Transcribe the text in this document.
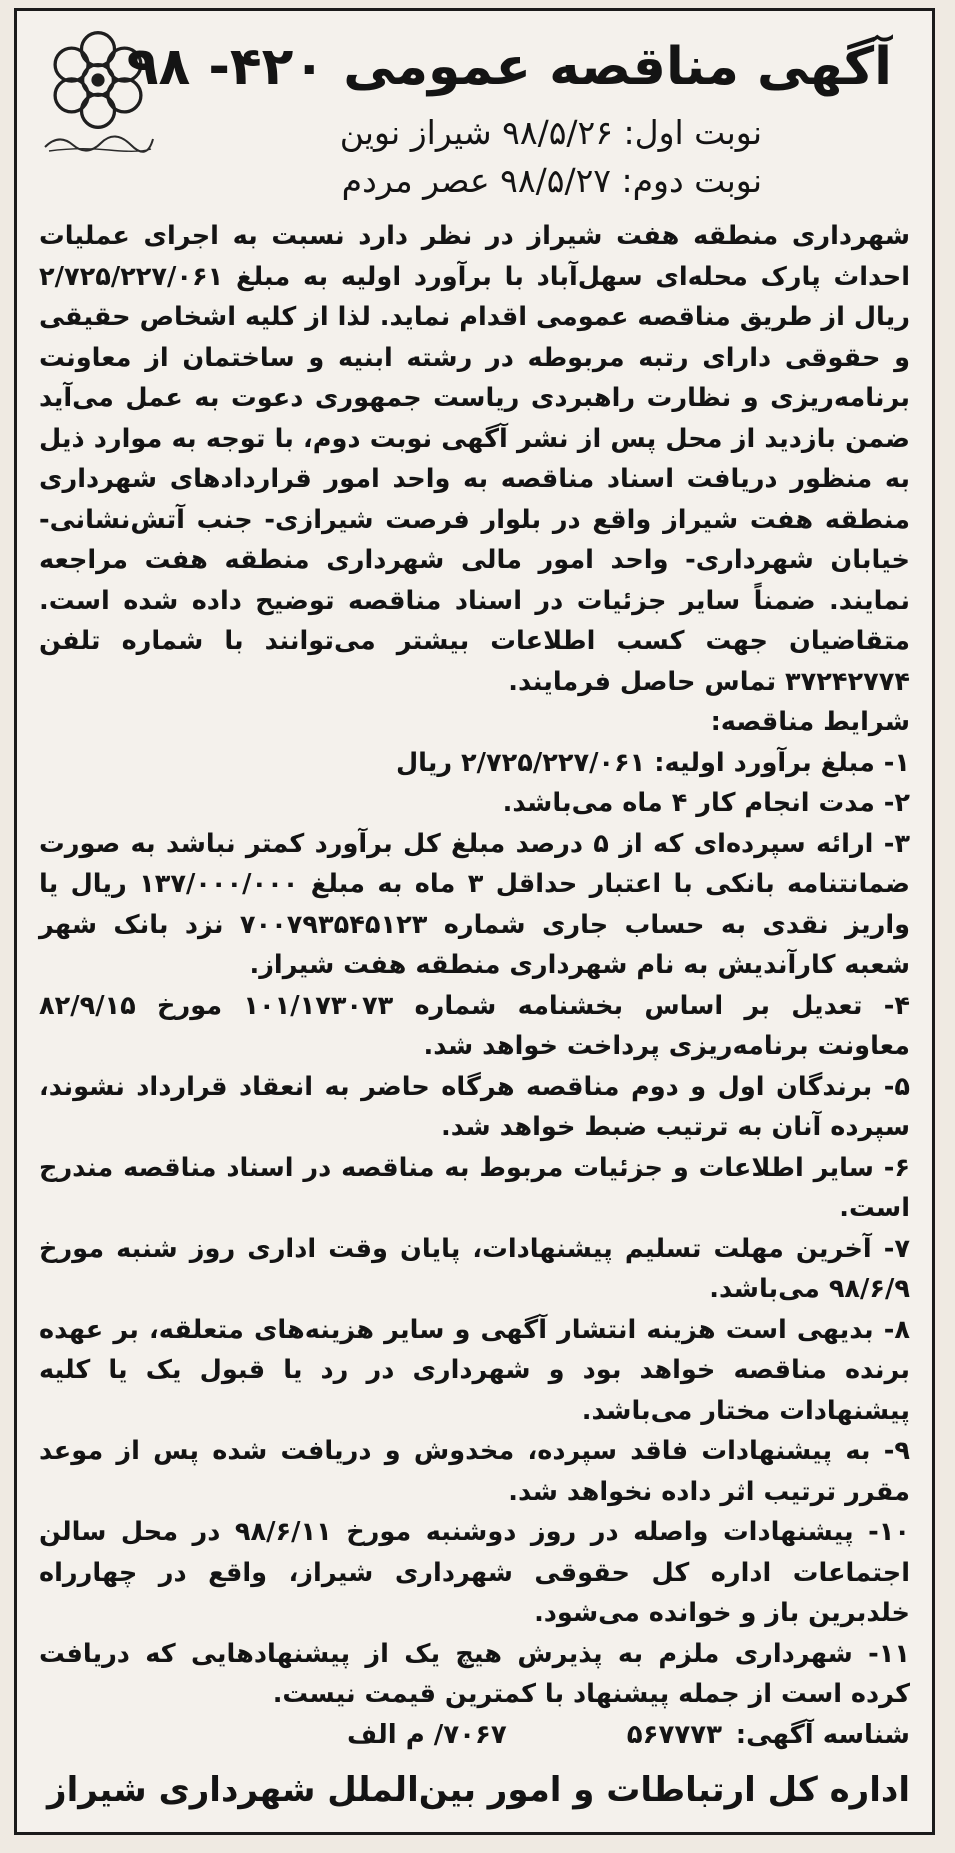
آگهی مناقصه عمومی ۴۲۰- ۹۸
نوبت اول: ۹۸/۵/۲۶ شیراز نوین
نوبت دوم: ۹۸/۵/۲۷ عصر مردم

شهرداری منطقه هفت شیراز در نظر دارد نسبت به اجرای عملیات احداث پارک محله‌ای سهل‌آباد با برآورد اولیه به مبلغ ۲/۷۲۵/۲۲۷/۰۶۱ ریال از طریق مناقصه عمومی اقدام نماید. لذا از کلیه اشخاص حقیقی و حقوقی دارای رتبه مربوطه در رشته ابنیه و ساختمان از معاونت برنامه‌ریزی و نظارت راهبردی ریاست جمهوری دعوت به عمل می‌آید ضمن بازدید از محل پس از نشر آگهی نوبت دوم، با توجه به موارد ذیل به منظور دریافت اسناد مناقصه به واحد امور قراردادهای شهرداری منطقه هفت شیراز واقع در بلوار فرصت شیرازی- جنب آتش‌نشانی- خیابان شهرداری- واحد امور مالی شهرداری منطقه هفت مراجعه نمایند. ضمناً سایر جزئیات در اسناد مناقصه توضیح داده شده است. متقاضیان جهت کسب اطلاعات بیشتر می‌توانند با شماره تلفن ۳۷۲۴۲۷۷۴ تماس حاصل فرمایند.

شرایط مناقصه:

۱- مبلغ برآورد اولیه: ۲/۷۲۵/۲۲۷/۰۶۱ ریال

۲- مدت انجام کار ۴ ماه می‌باشد.

۳- ارائه سپرده‌ای که از ۵ درصد مبلغ کل برآورد کمتر نباشد به صورت ضمانتنامه بانکی با اعتبار حداقل ۳ ماه به مبلغ ۱۳۷/۰۰۰/۰۰۰ ریال یا واریز نقدی به حساب جاری شماره ۷۰۰۷۹۳۵۴۵۱۲۳ نزد بانک شهر شعبه کارآندیش به نام شهرداری منطقه هفت شیراز.

۴- تعدیل بر اساس بخشنامه شماره ۱۰۱/۱۷۳۰۷۳ مورخ ۸۲/۹/۱۵ معاونت برنامه‌ریزی پرداخت خواهد شد.

۵- برندگان اول و دوم مناقصه هرگاه حاضر به انعقاد قرارداد نشوند، سپرده آنان به ترتیب ضبط خواهد شد.

۶- سایر اطلاعات و جزئیات مربوط به مناقصه در اسناد مناقصه مندرج است.

۷- آخرین مهلت تسلیم پیشنهادات، پایان وقت اداری روز شنبه مورخ ۹۸/۶/۹ می‌باشد.

۸- بدیهی است هزینه انتشار آگهی و سایر هزینه‌های متعلقه، بر عهده برنده مناقصه خواهد بود و شهرداری در رد یا قبول یک یا کلیه پیشنهادات مختار می‌باشد.

۹- به پیشنهادات فاقد سپرده، مخدوش و دریافت شده پس از موعد مقرر ترتیب اثر داده نخواهد شد.

۱۰- پیشنهادات واصله در روز دوشنبه مورخ ۹۸/۶/۱۱ در محل سالن اجتماعات اداره کل حقوقی شهرداری شیراز، واقع در چهارراه خلدبرین باز و خوانده می‌شود.

۱۱- شهرداری ملزم به پذیرش هیچ یک از پیشنهادهایی که دریافت کرده است از جمله پیشنهاد با کمترین قیمت نیست.

شناسه آگهی:
۵۶۷۷۷۳
۷۰۶۷/ م الف
اداره کل ارتباطات و امور بین‌الملل شهرداری شیراز
